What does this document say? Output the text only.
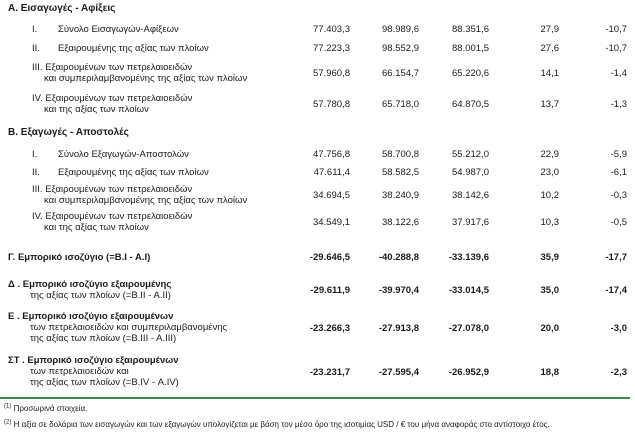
Α. Εισαγωγές - Αφίξεις
I. Σύνολο Εισαγωγών-Αφίξεων	77.403,3	98.989,6	88.351,6	27,9	-10,7
II. Εξαιρουμένης της αξίας των πλοίων	77.223,3	98.552,9	88.001,5	27,6	-10,7
III. Εξαιρουμένων των πετρελαιοειδών
και συμπεριλαμβανομένης της αξίας των πλοίων	57.960,8	66.154,7	65.220,6	14,1	-1,4
IV. Εξαιρουμένων των πετρελαιοειδών
και της αξίας των πλοίων	57.780,8	65.718,0	64.870,5	13,7	-1,3
Β. Εξαγωγές - Αποστολές
I. Σύνολο Εξαγωγών-Αποστολών	47.756,8	58.700,8	55.212,0	22,9	-5,9
II. Εξαιρουμένης της αξίας των πλοίων	47.611,4	58.582,5	54.987,0	23,0	-6,1
III. Εξαιρουμένων των πετρελαιοειδών
και συμπεριλαμβανομένης της αξίας των πλοίων	34.694,5	38.240,9	38.142,6	10,2	-0,3
IV. Εξαιρουμένων των πετρελαιοειδών
και της αξίας των πλοίων	34.549,1	38.122,6	37.917,6	10,3	-0,5
Γ. Εμπορικό ισοζύγιο (=Β.Ι - Α.Ι)	-29.646,5	-40.288,8	-33.139,6	35,9	-17,7
Δ . Εμπορικό ισοζύγιο εξαιρουμένης
της αξίας των πλοίων (=Β.ΙΙ - Α.ΙΙ)	-29.611,9	-39.970,4	-33.014,5	35,0	-17,4
Ε . Εμπορικό ισοζύγιο εξαιρουμένων
των πετρελαιοειδών και συμπεριλαμβανομένης
της αξίας των πλοίων (=Β.ΙΙΙ - Α.ΙΙΙ)
-23.266,3	-27.913,8	-27.078,0	20,0	-3,0
ΣΤ . Εμπορικό ισοζύγιο εξαιρουμένων
των πετρελαιοειδών και
της αξίας των πλοίων (=Β.ΙV - Α.ΙV)
-23.231,7	-27.595,4	-26.952,9	18,8	-2,3
$^{(1)}$ Προσωρινά στοιχεία.
$^{(2)}$ Η αξία σε δολάρια των εισαγωγών και των εξαγωγών υπολογίζεται με βάση τον μέσο όρο της ισοτιμίας USD / € του μήνα αναφοράς στο αντίστοιχο έτος.
